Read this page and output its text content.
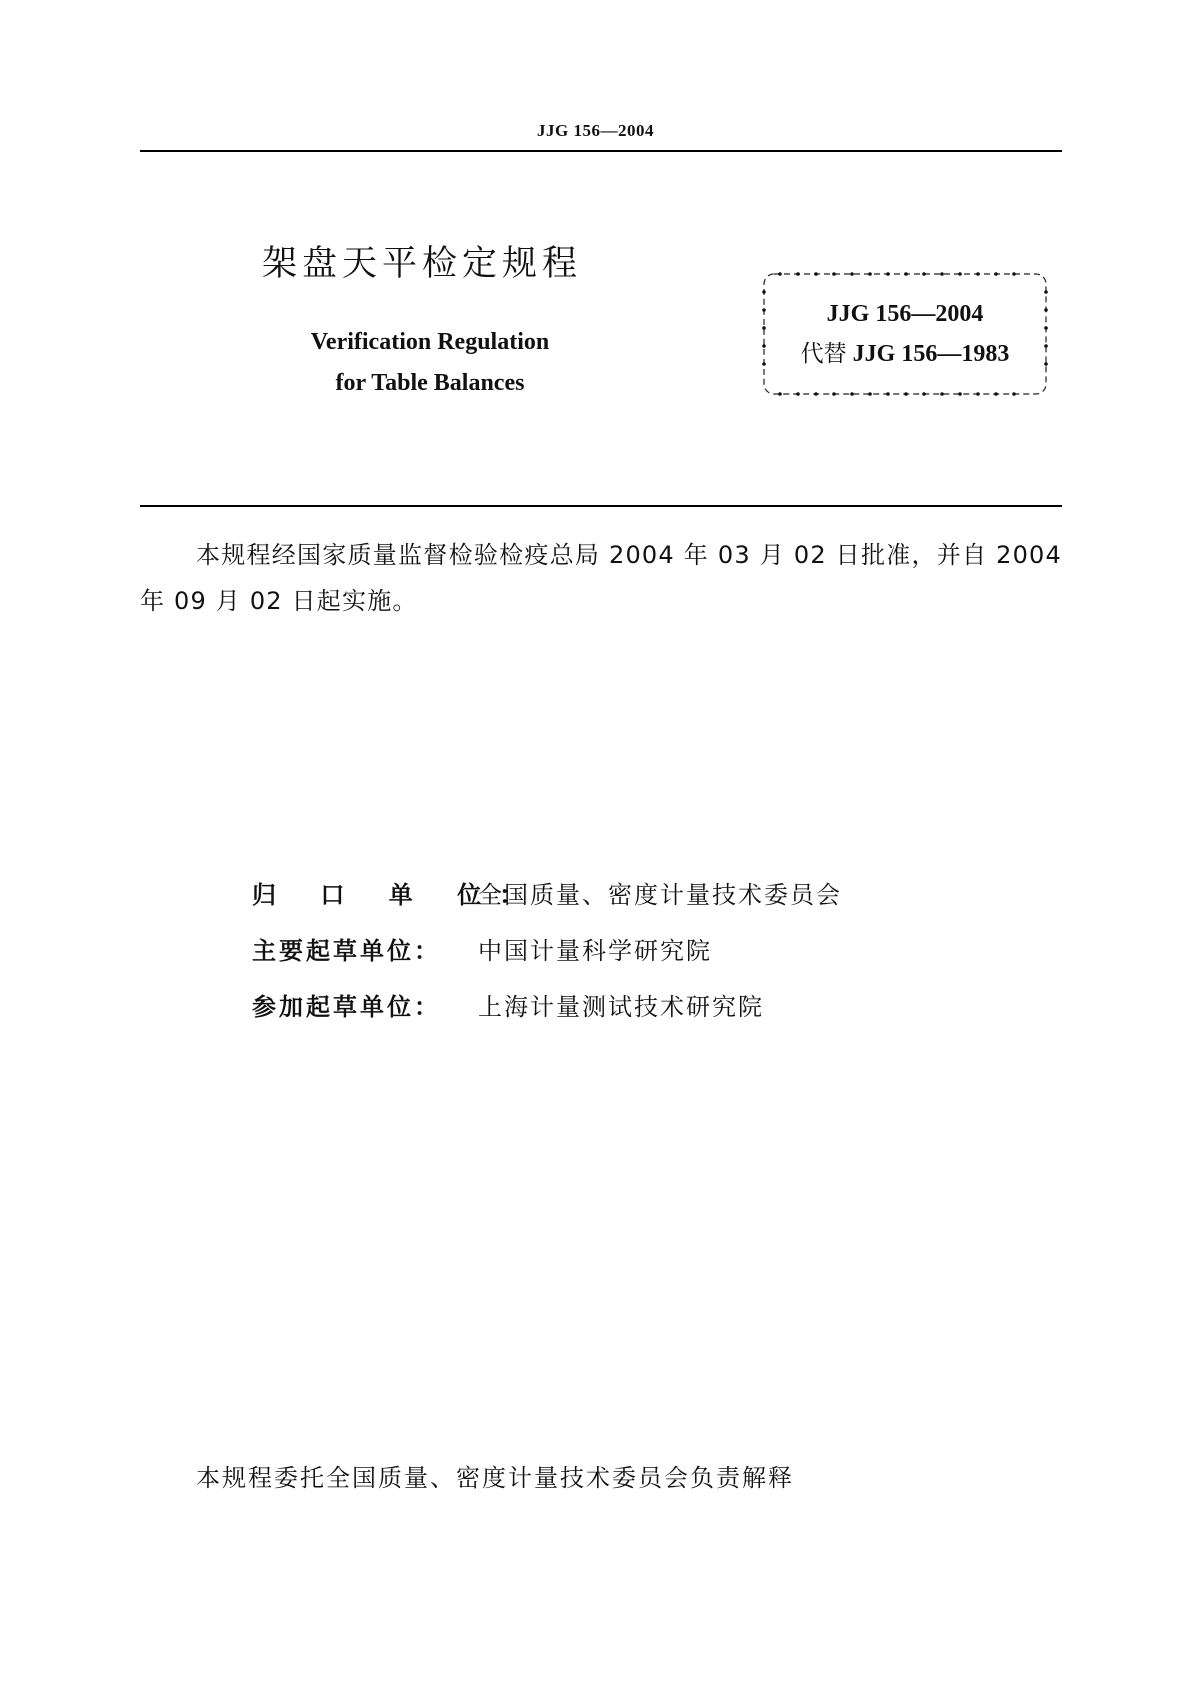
JJG 156—2004
架盘天平检定规程
Verification Regulation
for Table Balances
JJG 156—2004
代替 JJG 156—1983
本规程经国家质量监督检验检疫总局 2004 年 03 月 02 日批准，并自 2004 年 09 月 02 日起实施。
归 口 单 位：
全国质量、密度计量技术委员会
主要起草单位：	中国计量科学研究院
参加起草单位：	上海计量测试技术研究院
本规程委托全国质量、密度计量技术委员会负责解释
